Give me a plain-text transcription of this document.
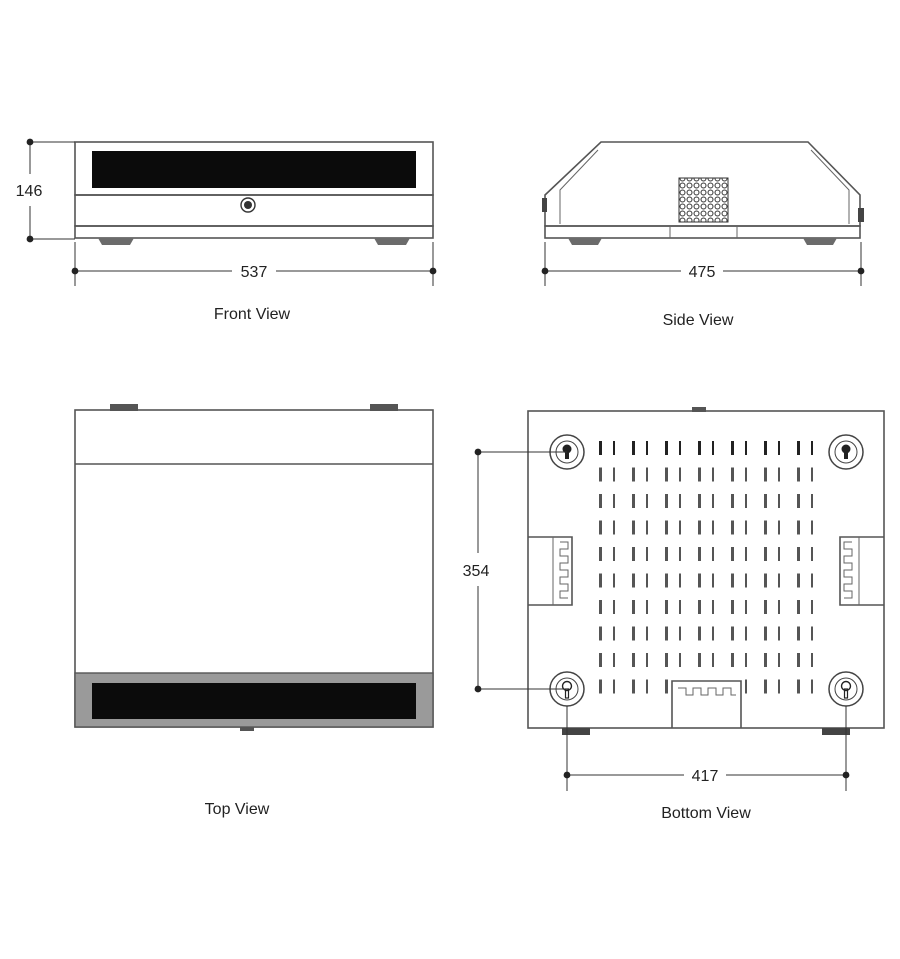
146
537
Front View
475
Side View
Top View
354
417
Bottom View
